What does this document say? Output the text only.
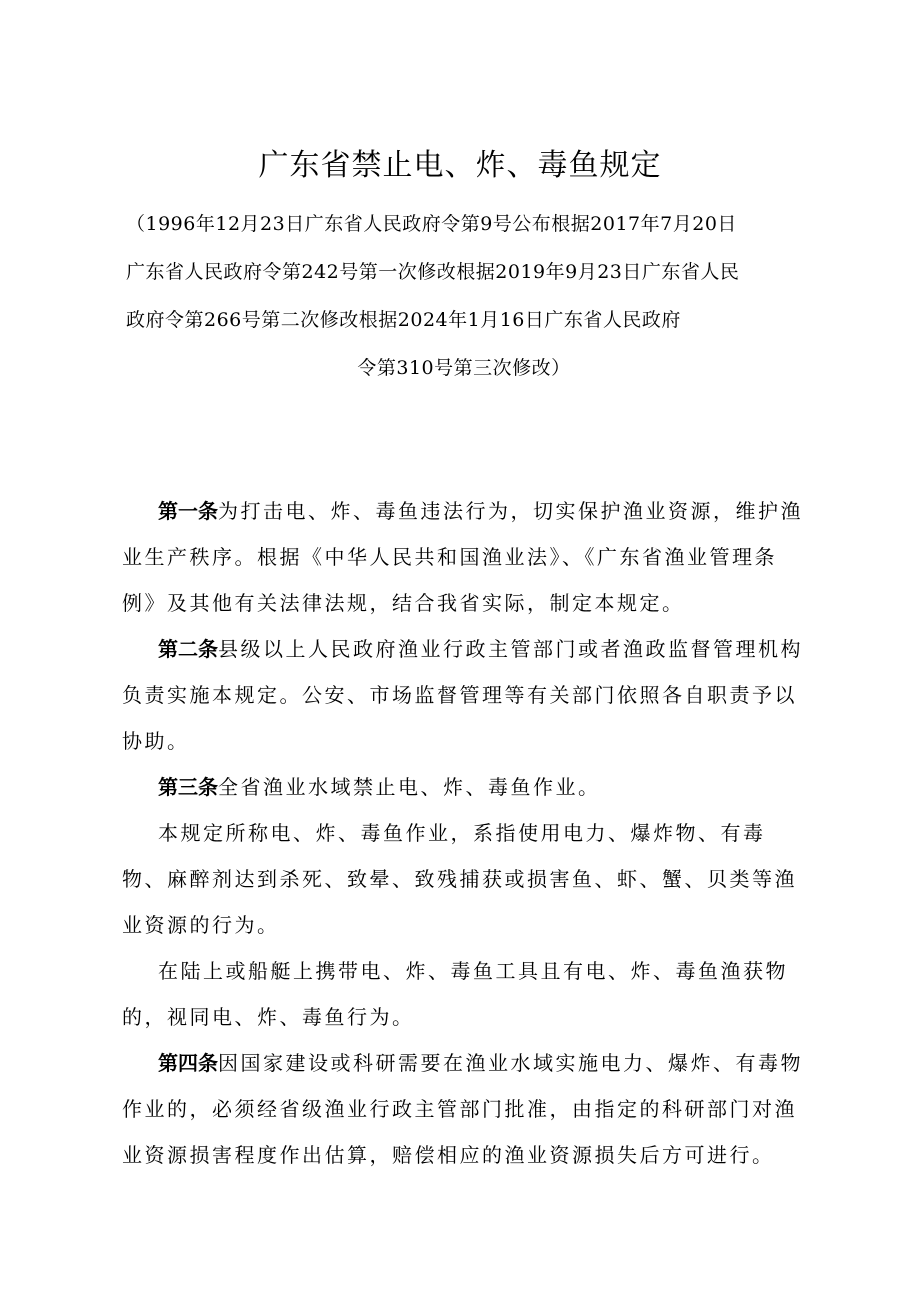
广东省禁止电、炸、毒鱼规定
（1996年12月23日广东省人民政府令第9号公布根据2017年7月20日
广东省人民政府令第242号第一次修改根据2019年9月23日广东省人民
政府令第266号第二次修改根据2024年1月16日广东省人民政府
令第310号第三次修改）

第一条为打击电、炸、毒鱼违法行为，切实保护渔业资源，维护渔业生产秩序。根据《中华人民共和国渔业法》、《广东省渔业管理条例》及其他有关法律法规，结合我省实际，制定本规定。

第二条县级以上人民政府渔业行政主管部门或者渔政监督管理机构负责实施本规定。公安、市场监督管理等有关部门依照各自职责予以协助。

第三条全省渔业水域禁止电、炸、毒鱼作业。

本规定所称电、炸、毒鱼作业，系指使用电力、爆炸物、有毒物、麻醉剂达到杀死、致晕、致残捕获或损害鱼、虾、蟹、贝类等渔业资源的行为。

在陆上或船艇上携带电、炸、毒鱼工具且有电、炸、毒鱼渔获物的，视同电、炸、毒鱼行为。

第四条因国家建设或科研需要在渔业水域实施电力、爆炸、有毒物作业的，必须经省级渔业行政主管部门批准，由指定的科研部门对渔业资源损害程度作出估算，赔偿相应的渔业资源损失后方可进行。
